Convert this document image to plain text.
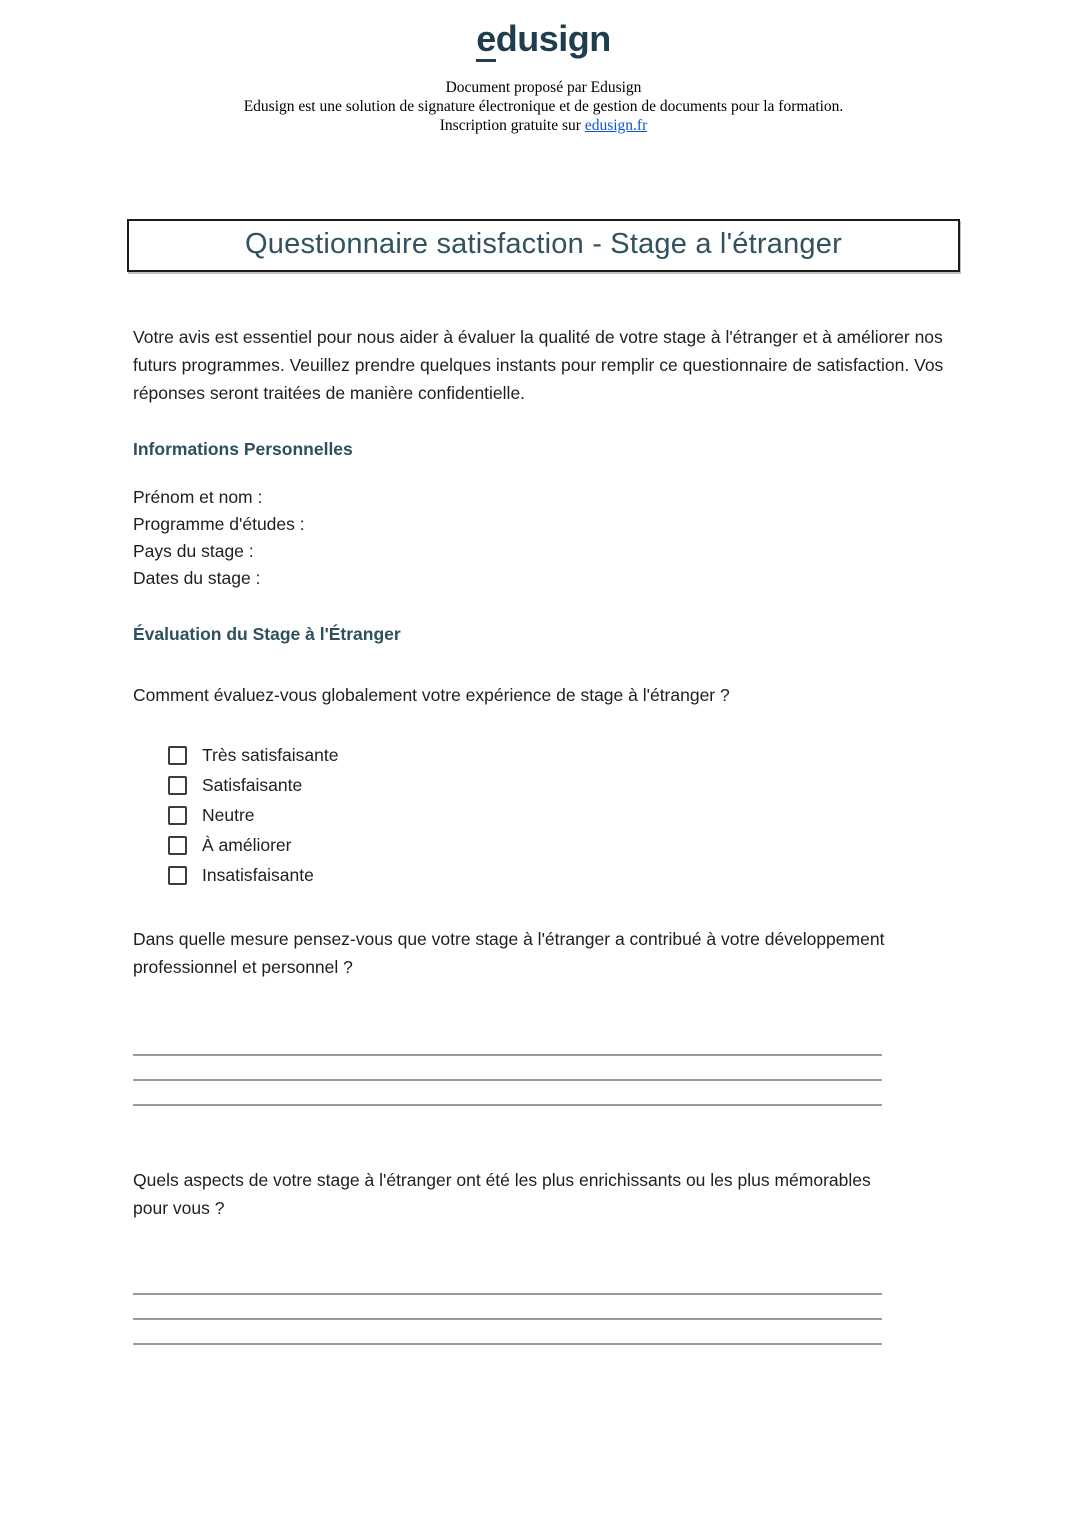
edusign
Document proposé par Edusign
Edusign est une solution de signature électronique et de gestion de documents pour la formation.
Inscription gratuite sur edusign.fr
Questionnaire satisfaction - Stage a l'étranger

Votre avis est essentiel pour nous aider à évaluer la qualité de votre stage à l'étranger et à améliorer nos futurs programmes. Veuillez prendre quelques instants pour remplir ce questionnaire de satisfaction. Vos réponses seront traitées de manière confidentielle.

Informations Personnelles
Prénom et nom :
Programme d'études :
Pays du stage :
Dates du stage :
Évaluation du Stage à l'Étranger

Comment évaluez-vous globalement votre expérience de stage à l'étranger ?

Très satisfaisante
Satisfaisante
Neutre
À améliorer
Insatisfaisante

Dans quelle mesure pensez-vous que votre stage à l'étranger a contribué à votre développement professionnel et personnel ?

Quels aspects de votre stage à l'étranger ont été les plus enrichissants ou les plus mémorables pour vous ?
